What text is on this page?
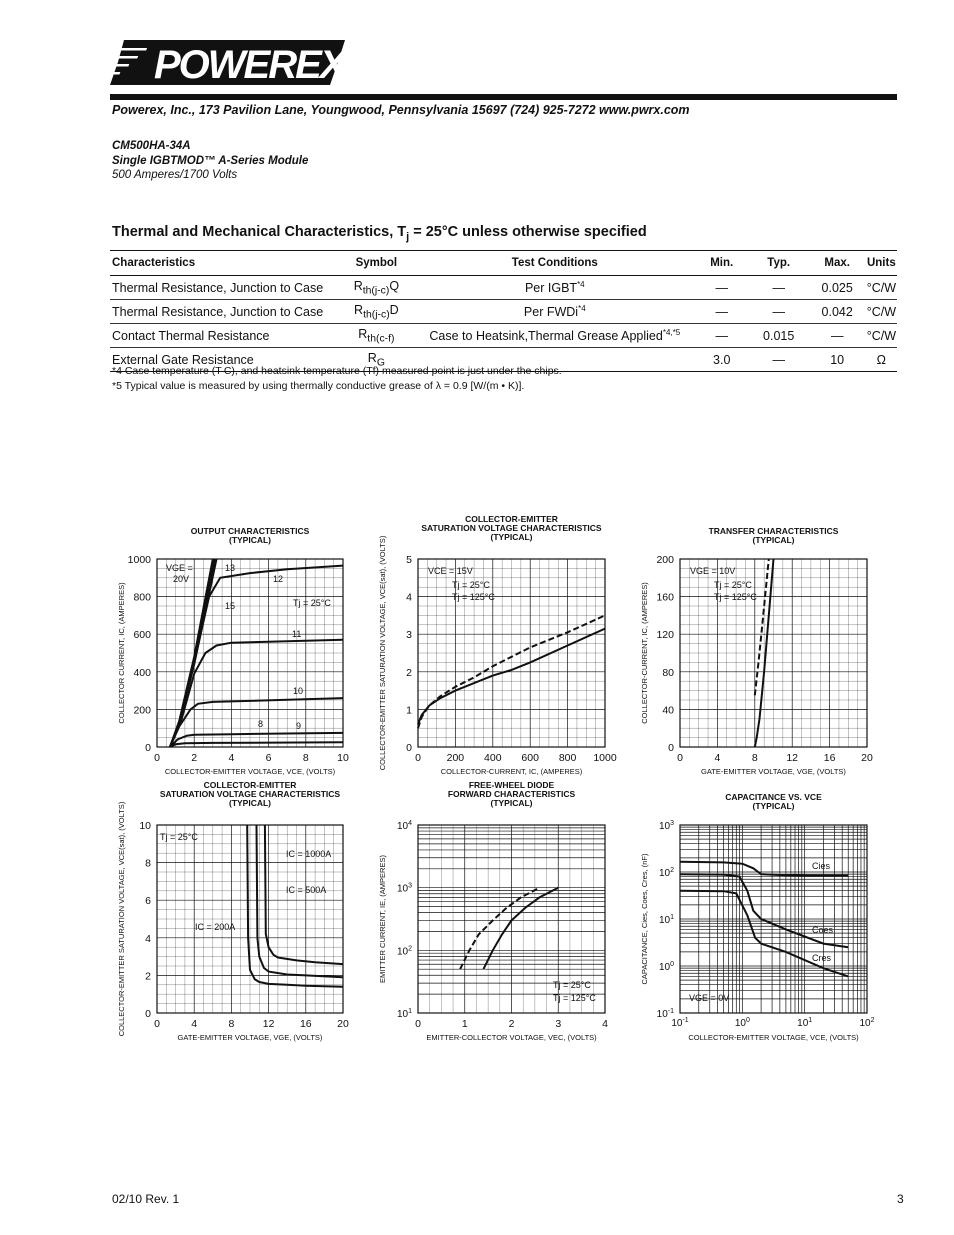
POWEREX
Powerex, Inc., 173 Pavilion Lane, Youngwood, Pennsylvania 15697 (724) 925-7272 www.pwrx.com
CM500HA-34A
Single IGBTMOD™ A-Series Module
500 Amperes/1700 Volts
Thermal and Mechanical Characteristics, $T_j = 25^\circ C$ unless otherwise specified
Characteristics	Symbol	Test Conditions	Min.	Typ.	Max.	Units
Thermal Resistance, Junction to Case	$R_{th(j-c)}Q$	Per IGBT$^{*4}$	—	—	0.025	°C/W
Thermal Resistance, Junction to Case	$R_{th(j-c)}D$	Per FWDi$^{*4}$	—	—	0.042	°C/W
Contact Thermal Resistance	$R_{th(c-f)}$	Case to Heatsink,Thermal Grease Applied$^{*4,*5}$	—	0.015	—	°C/W
External Gate Resistance	$R_G$		3.0	—	10	Ω
*4 Case temperature (T C), and heatsink temperature (Tf) measured point is just under the chips.
*5 Typical value is measured by using thermally conductive grease of λ = 0.9 [W/(m • K)].
0	2	4	6	8	10
0
200
400
600
800
1000
OUTPUT CHARACTERISTICS
(TYPICAL)
COLLECTOR-EMITTER VOLTAGE, VCE, (VOLTS)
COLLECTOR CURRENT, IC, (AMPERES)
VGE =
20V
13
12
15	Tj = 25°C
11
10
8	9
0 200 400 600 800 1000
0
1
2
3
4
5
COLLECTOR-EMITTER
SATURATION VOLTAGE CHARACTERISTICS
(TYPICAL)
COLLECTOR-CURRENT, IC, (AMPERES)
COLLECTOR-EMITTER SATURATION VOLTAGE, VCE(sat), (VOLTS)	VCE = 15V
Tj = 25°C
Tj = 125°C
0	4	8	12 16 20
0
40
80
120
160
200
TRANSFER CHARACTERISTICS
(TYPICAL)
GATE-EMITTER VOLTAGE, VGE, (VOLTS)
COLLECTOR-CURRENT, IC, (AMPERES)
VGE = 10V
Tj = 25°C
Tj = 125°C
0	4	8	12 16 20
0
2
4
6
8
10
COLLECTOR-EMITTER
SATURATION VOLTAGE CHARACTERISTICS
(TYPICAL)
GATE-EMITTER VOLTAGE, VGE, (VOLTS)
COLLECTOR-EMITTER SATURATION VOLTAGE, VCE(sat), (VOLTS)	Tj = 25°C
IC = 1000A
IC = 500A
IC = 200A
0	1	2	3	4
$10^1$
$10^2$
$10^3$
$10^4$
FREE-WHEEL DIODE
FORWARD CHARACTERISTICS
(TYPICAL)
EMITTER-COLLECTOR VOLTAGE, VEC, (VOLTS)
EMITTER CURRENT, IE, (AMPERES)
Tj = 25°C
Tj = 125°C
$10^{-1}$	$10^0$	$10^1$	$10^2$
$10^{-1}$
$10^0$
$10^1$
$10^2$
$10^3$
CAPACITANCE VS. VCE
(TYPICAL)
COLLECTOR-EMITTER VOLTAGE, VCE, (VOLTS)
CAPACITANCE, Cies, Coes, Cres, (nF)	Cies
Coes
Cres
VGE = 0V
02/10 Rev. 1	3
